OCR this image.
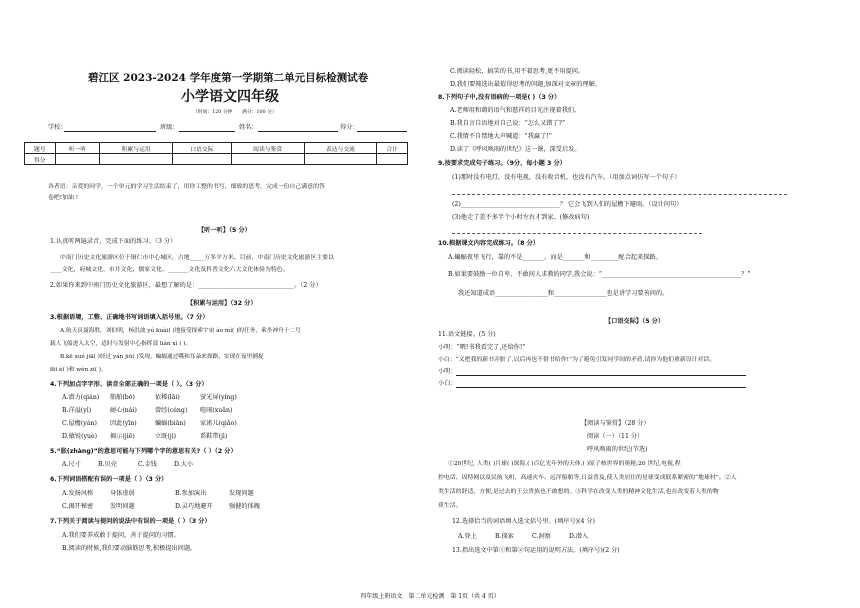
碧江区 2023-2024 学年度第一学期第二单元目标检测试卷
小学语文四年级
（时间：120 分钟　　满分：100 分）
学校：	班级：	姓名：	得分：
题号	听一听	积累与运用	口语交际	阅读与鉴赏	表达与交流	合计
得分						
各者语：亲爱的同学，一个单元的学习生活结束了，用你工整的书写，细致的思考，完成一份自己满意的答
卷吧!加油 !
【听一听】（5 分）
1.认真听两遍录音，完成下面的练习。（3 分）
中南门历史文化旅游区位于铜仁市中心城区，占地_____万多平方米。目前，中南门历史文化旅游区主要以
____文化，府城文化、市井文化，儒家文化、_______文化及科普文化六大文化体验为特色。
2.如果你来到中南门历史文化旅游区，最想了解的是：_______________________________。（2 分）
【积累与运用】（32 分）
3.根据语境，工整、正确地书写词语填入括号里。（7 分）
A.航天员聂海胜，刘伯明，杨洪波 yú kuài( )地接受探索宇宙 ào mì( )的任务，乘坐神舟十二号
载人飞船进入太空，适时与发射中心指挥部 lián xì ( )。
B.kē xué jiā( )经过 yán jiū( )发现，蝙蝠通过嘴和耳朵来探路，实现在夜里捕捉
fēi é( )和 wén zi( )。
4.下列加点字字形、读音全部正确的一项是（ ）。（3 分）
A.潜力(qián) 船舶(bó)	依稀(lāi)	萤光屏(yíng)
B.洋溢(yì)	耐心(nài)	曾经(céng) 喧闹(xuān)
C.屋檐(yán) 因此(yīn)	蝙蝠(biān) 家雀儿(qiǎo)
D.敏锐(yuè) 揭示(jiē)	立既(jì)	系鞋带(jì)
5.“胀(zhàng)”的意思可能与下列哪个字的意思有关?（ ）（2 分）
A.尺寸	B.贝壳	C.金钱	D.大小
6.下列词语搭配有误的一项是（ ）（3 分）
A.发扬风格	身体虚弱	B.参加演出	发现问题
C.揭开秘密	发明问题	D.灵巧地避开	强健的体魄
7.下列关于阅读与提问的说法中有误的一项是（ ）（3 分）
A.我们要养成敢于提问，善于提问的习惯。
B.阅读的时候,我们要动脑筋思考,积极提出问题。
C.阅读轻松，搞笑的书,用不着思考,更不用提问。
D.我们要筛选出最值得思考的问题,加深对文章的理解。
8.下列句子中,没有语病的一项是( )（3 分）
A.老师用和蔼的语气和慈祥的目光注视着我们。
B.我自言自语地对自己说：“怎么又错了?”
C.我情不自禁地大声喊道：“我赢了!”
D.读了《呼风唤雨的世纪》这一课，深受启发。
9.按要求完成句子练习。（9分，每小题 3 分）
(1)那时没有电灯，没有电视，没有收音机，也没有汽车。（用加点词仿写一个句子）
(2)________________________________？ 它会飞到人们的屋檐下避雨。（设计问句）
(3)他走了差不多半个小时左右才到家。(修改病句)
10.根据课文内容完成练习。（8 分）
A.蝙蝠夜里飞行，靠的不是_______，而是_______和_________配合起来探路。
B.如果要鼓励一位自卑、不敢问人求教的同学,我会说：“_____________________________________________？”
我还知道成语_________________和_________________也是讲学习要善问的。
【口语交际】（5 分）
11.语文链接。(5 分)
小明：“喂!书我看完了,还给你!”
小白：“又把我的新书弄脏了,以后再也不借书给你!”为了避免引发同学间的矛盾,请你为他们重新设计对话。
小明：
小白：
【阅读与鉴赏】（28 分）
阅读（一）（11 分）
呼风唤雨的世纪(节选)
①20世纪, 人类( )月球( )深海,( )百亿光年外的天体,( )原子核世界的奥秘;20 世纪,电视,程
控电话、因特网以及民航飞机、高速火车、远洋船舶等,日益普及,使人类居住的星球变成联系紧密的“地球村”。②人
类生活的舒适、方便,是过去的王公贵族也不敢想的。③科学在改变人类的精神文化生活,也在改变着人类的物
质生活。
12.选择恰当的词语填入选文括号里。(填序号)(4 分)
A.登上	B.探索	C.洞察	D.潜入
13.指出选文中第①和第②句运用的说明方法。(填序号)(2 分)
四年级上册语文　第二单元检测　第 1页（共 4 页）
